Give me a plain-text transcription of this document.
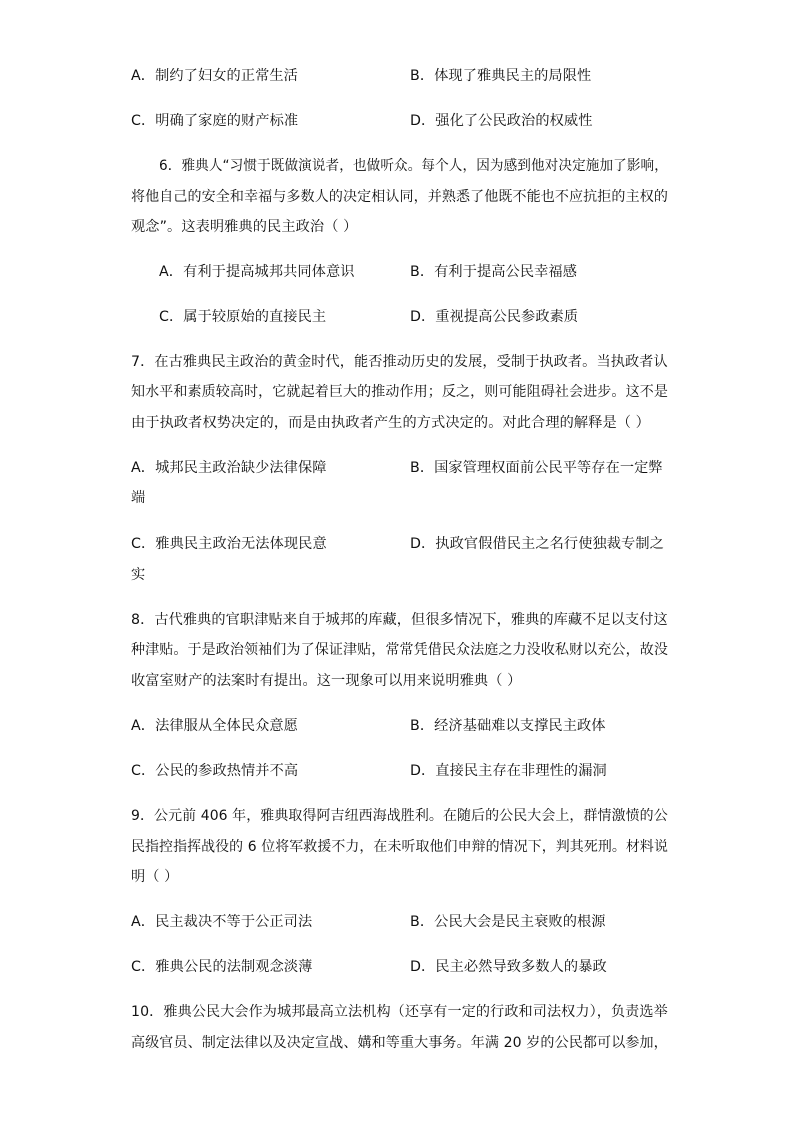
A．制约了妇女的正常生活	B．体现了雅典民主的局限性
C．明确了家庭的财产标准	D．强化了公民政治的权威性
6．雅典人“习惯于既做演说者，也做听众。每个人，因为感到他对决定施加了影响，
将他自己的安全和幸福与多数人的决定相认同，并熟悉了他既不能也不应抗拒的主权的
观念”。这表明雅典的民主政治（ ）
A．有利于提高城邦共同体意识	B．有利于提高公民幸福感
C．属于较原始的直接民主	D．重视提高公民参政素质
7．在古雅典民主政治的黄金时代，能否推动历史的发展，受制于执政者。当执政者认
知水平和素质较高时，它就起着巨大的推动作用；反之，则可能阻碍社会进步。这不是
由于执政者权势决定的，而是由执政者产生的方式决定的。对此合理的解释是（ ）
A．城邦民主政治缺少法律保障	B．国家管理权面前公民平等存在一定弊
端
C．雅典民主政治无法体现民意	D．执政官假借民主之名行使独裁专制之
实
8．古代雅典的官职津贴来自于城邦的库藏，但很多情况下，雅典的库藏不足以支付这
种津贴。于是政治领袖们为了保证津贴，常常凭借民众法庭之力没收私财以充公，故没
收富室财产的法案时有提出。这一现象可以用来说明雅典（ ）
A．法律服从全体民众意愿	B．经济基础难以支撑民主政体
C．公民的参政热情并不高	D．直接民主存在非理性的漏洞
9．公元前 406 年，雅典取得阿吉纽西海战胜利。在随后的公民大会上，群情激愤的公
民指控指挥战役的 6 位将军救援不力，在未听取他们申辩的情况下，判其死刑。材料说
明（ ）
A．民主裁决不等于公正司法	B．公民大会是民主衰败的根源
C．雅典公民的法制观念淡薄	D．民主必然导致多数人的暴政
10．雅典公民大会作为城邦最高立法机构（还享有一定的行政和司法权力），负责选举
高级官员、制定法律以及决定宣战、媾和等重大事务。年满 20 岁的公民都可以参加，
